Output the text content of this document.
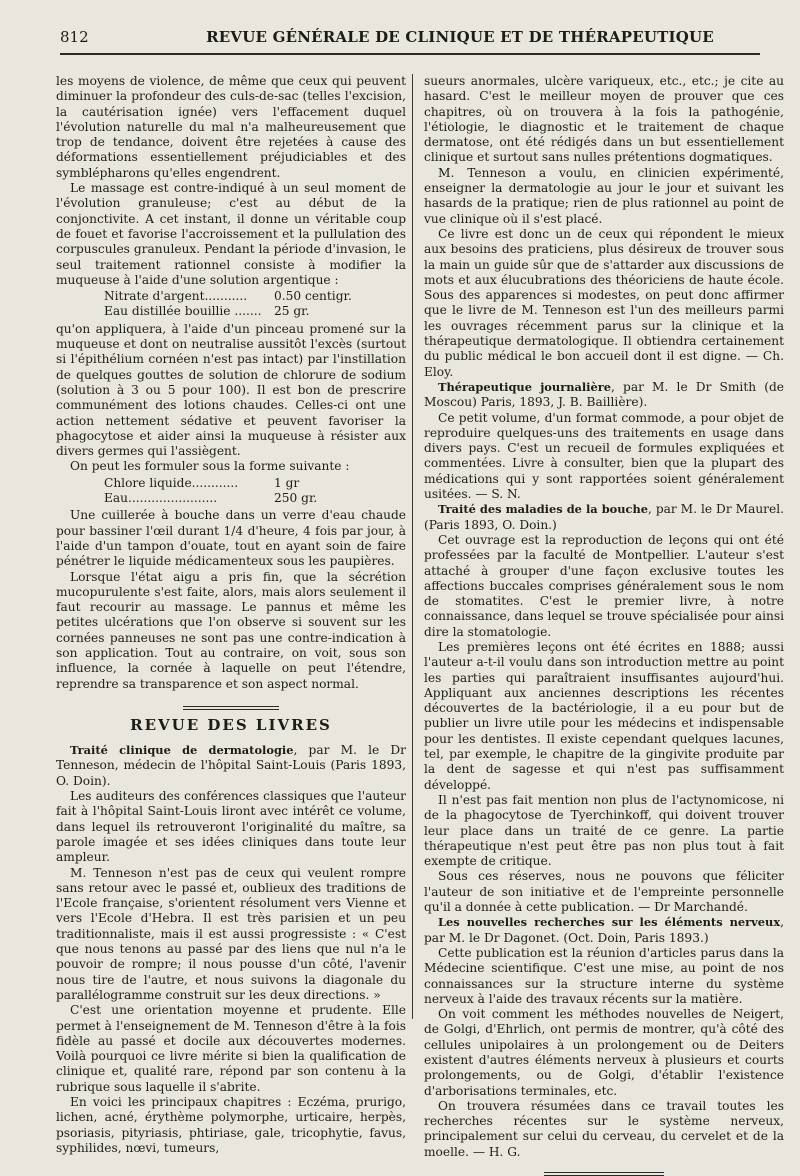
812	REVUE GÉNÉRALE DE CLINIQUE ET DE THÉRAPEUTIQUE

les moyens de violence, de même que ceux qui peuvent diminuer la profondeur des culs-de-sac (telles l'excision, la cautérisation ignée) vers l'effacement duquel l'évolution naturelle du mal n'a malheureusement que trop de tendance, doivent être rejetées à cause des déformations essentiellement préjudiciables et des symblépharons qu'elles engendrent.

Le massage est contre-indiqué à un seul moment de l'évolution granuleuse; c'est au début de la conjonctivite. A cet instant, il donne un véritable coup de fouet et favorise l'accroissement et la pullulation des corpuscules granuleux. Pendant la période d'invasion, le seul traitement rationnel consiste à modifier la muqueuse à l'aide d'une solution argentique :

Nitrate d'argent...........	0.50 centigr.
Eau distillée bouillie .......	25 gr.

qu'on appliquera, à l'aide d'un pinceau promené sur la muqueuse et dont on neutralise aussitôt l'excès (surtout si l'épithélium cornéen n'est pas intact) par l'instillation de quelques gouttes de solution de chlorure de sodium (solution à 3 ou 5 pour 100). Il est bon de prescrire communément des lotions chaudes. Celles-ci ont une action nettement sédative et peuvent favoriser la phagocytose et aider ainsi la muqueuse à résister aux divers germes qui l'assiègent.

On peut les formuler sous la forme suivante :

Chlore liquide............	1 gr
Eau.......................	250 gr.

Une cuillerée à bouche dans un verre d'eau chaude pour bassiner l'œil durant 1/4 d'heure, 4 fois par jour, à l'aide d'un tampon d'ouate, tout en ayant soin de faire pénétrer le liquide médicamenteux sous les paupières.

Lorsque l'état aigu a pris fin, que la sécrétion mucopurulente s'est faite, alors, mais alors seulement il faut recourir au massage. Le pannus et même les petites ulcérations que l'on observe si souvent sur les cornées panneuses ne sont pas une contre-indication à son application. Tout au contraire, on voit, sous son influence, la cornée à laquelle on peut l'étendre, reprendre sa transparence et son aspect normal.

REVUE DES LIVRES

Traité clinique de dermatologie, par M. le Dr Tenneson, médecin de l'hôpital Saint-Louis (Paris 1893, O. Doin).

Les auditeurs des conférences classiques que l'auteur fait à l'hôpital Saint-Louis liront avec intérêt ce volume, dans lequel ils retrouveront l'originalité du maître, sa parole imagée et ses idées cliniques dans toute leur ampleur.

M. Tenneson n'est pas de ceux qui veulent rompre sans retour avec le passé et, oublieux des traditions de l'Ecole française, s'orientent résolument vers Vienne et vers l'Ecole d'Hebra. Il est très parisien et un peu traditionnaliste, mais il est aussi progressiste : « C'est que nous tenons au passé par des liens que nul n'a le pouvoir de rompre; il nous pousse d'un côté, l'avenir nous tire de l'autre, et nous suivons la diagonale du parallélogramme construit sur les deux directions. »

C'est une orientation moyenne et prudente. Elle permet à l'enseignement de M. Tenneson d'être à la fois fidèle au passé et docile aux découvertes modernes. Voilà pourquoi ce livre mérite si bien la qualification de clinique et, qualité rare, répond par son contenu à la rubrique sous laquelle il s'abrite.

En voici les principaux chapitres : Eczéma, prurigo, lichen, acné, érythème polymorphe, urticaire, herpès, psoriasis, pityriasis, phtiriase, gale, tricophytie, favus, syphilides, nœvi, tumeurs,

sueurs anormales, ulcère variqueux, etc., etc.; je cite au hasard. C'est le meilleur moyen de prouver que ces chapitres, où on trouvera à la fois la pathogénie, l'étiologie, le diagnostic et le traitement de chaque dermatose, ont été rédigés dans un but essentiellement clinique et surtout sans nulles prétentions dogmatiques.

M. Tenneson a voulu, en clinicien expérimenté, enseigner la dermatologie au jour le jour et suivant les hasards de la pratique; rien de plus rationnel au point de vue clinique où il s'est placé.

Ce livre est donc un de ceux qui répondent le mieux aux besoins des praticiens, plus désireux de trouver sous la main un guide sûr que de s'attarder aux discussions de mots et aux élucubrations des théoriciens de haute école. Sous des apparences si modestes, on peut donc affirmer que le livre de M. Tenneson est l'un des meilleurs parmi les ouvrages récemment parus sur la clinique et la thérapeutique dermatologique. Il obtiendra certainement du public médical le bon accueil dont il est digne. — Ch. Eloy.

Thérapeutique journalière, par M. le Dr Smith (de Moscou) Paris, 1893, J. B. Baillière).

Ce petit volume, d'un format commode, a pour objet de reproduire quelques-uns des traitements en usage dans divers pays. C'est un recueil de formules expliquées et commentées. Livre à consulter, bien que la plupart des médications qui y sont rapportées soient généralement usitées. — S. N.

Traité des maladies de la bouche, par M. le Dr Maurel. (Paris 1893, O. Doin.)

Cet ouvrage est la reproduction de leçons qui ont été professées par la faculté de Montpellier. L'auteur s'est attaché à grouper d'une façon exclusive toutes les affections buccales comprises généralement sous le nom de stomatites. C'est le premier livre, à notre connaissance, dans lequel se trouve spécialisée pour ainsi dire la stomatologie.

Les premières leçons ont été écrites en 1888; aussi l'auteur a-t-il voulu dans son introduction mettre au point les parties qui paraîtraient insuffisantes aujourd'hui. Appliquant aux anciennes descriptions les récentes découvertes de la bactériologie, il a eu pour but de publier un livre utile pour les médecins et indispensable pour les dentistes. Il existe cependant quelques lacunes, tel, par exemple, le chapitre de la gingivite produite par la dent de sagesse et qui n'est pas suffisamment développé.

Il n'est pas fait mention non plus de l'actynomicose, ni de la phagocytose de Tyerchinkoff, qui doivent trouver leur place dans un traité de ce genre. La partie thérapeutique n'est peut être pas non plus tout à fait exempte de critique.

Sous ces réserves, nous ne pouvons que féliciter l'auteur de son initiative et de l'empreinte personnelle qu'il a donnée à cette publication. — Dr Marchandé.

Les nouvelles recherches sur les éléments nerveux, par M. le Dr Dagonet. (Oct. Doin, Paris 1893.)

Cette publication est la réunion d'articles parus dans la Médecine scientifique. C'est une mise, au point de nos connaissances sur la structure interne du système nerveux à l'aide des travaux récents sur la matière.

On voit comment les méthodes nouvelles de Neigert, de Golgi, d'Ehrlich, ont permis de montrer, qu'à côté des cellules unipolaires à un prolongement ou de Deiters existent d'autres éléments nerveux à plusieurs et courts prolongements, ou de Golgi, d'établir l'existence d'arborisations terminales, etc.

On trouvera résumées dans ce travail toutes les recherches récentes sur le système nerveux, principalement sur celui du cerveau, du cervelet et de la moelle. — H. G.
